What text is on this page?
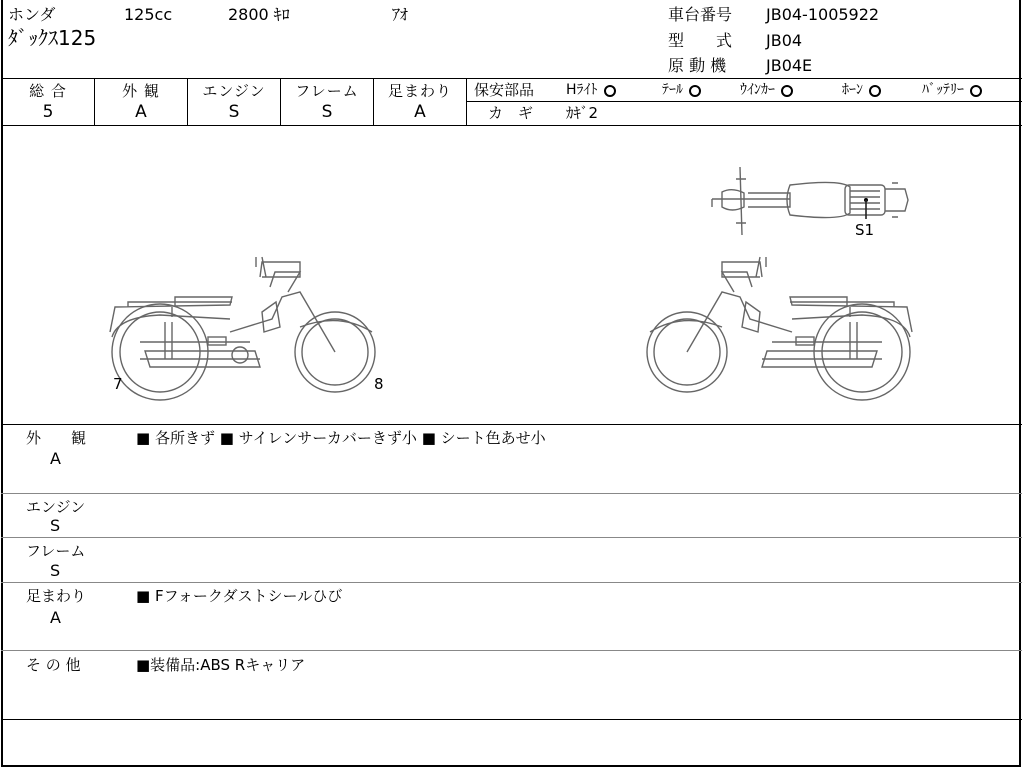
ホンダ	125cc	2800 ｷﾛ	ｱｵ
ﾀﾞｯｸｽ125
車台番号 JB04-1005922
型　　式 JB04
原 動 機 JB04E
総 合	外 観	エンジン	フレーム	足まわり
5	A	S	S	A
保安部品 Hﾗｲﾄ	ﾃｰﾙ	ｳｲﾝｶｰ	ﾎｰﾝ	ﾊﾞｯﾃﾘｰ
カ　ギ ｶｷﾞ2
7	8
S1
外　　観
A
■ 各所きず ■ サイレンサーカバーきず小 ■ シート色あせ小
エンジン
S
フレーム
S
足まわり
A
■ Fフォークダストシールひび
そ の 他	■装備品:ABS Rキャリア
